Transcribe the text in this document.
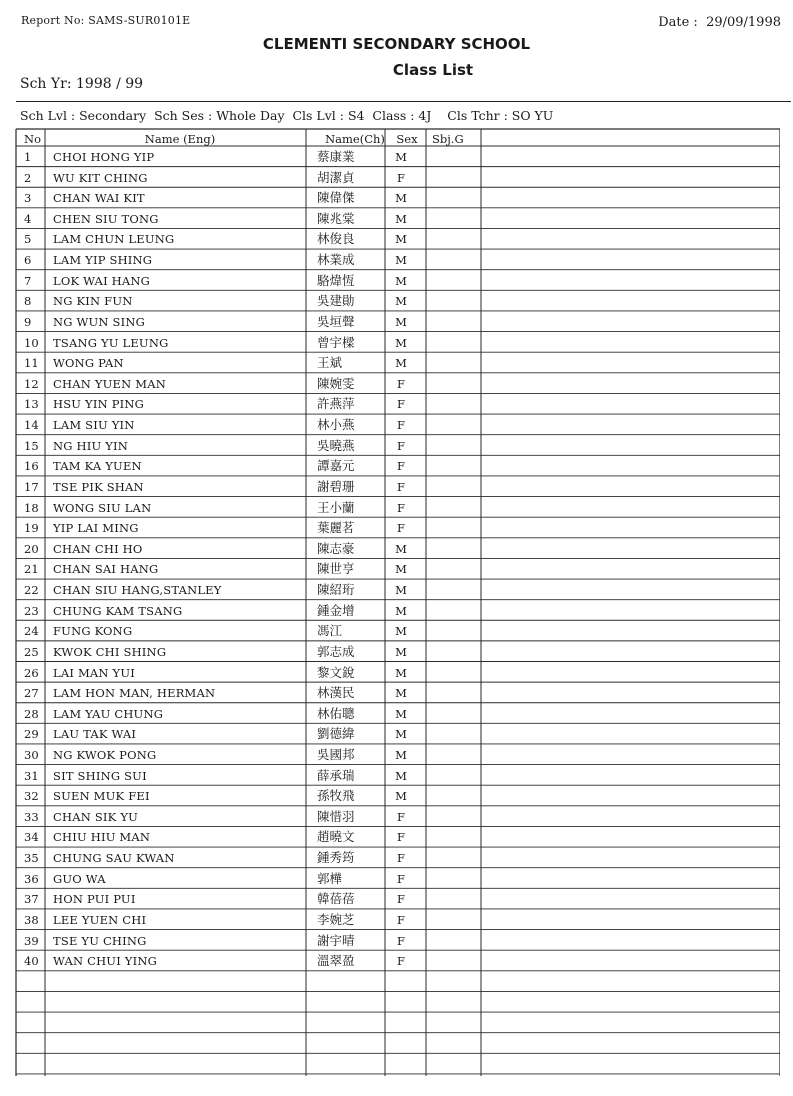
Report No: SAMS-SUR0101E	Date :  29/09/1998
CLEMENTI SECONDARY SCHOOL
Class List
Sch Yr: 1998 / 99
Sch Lvl : Secondary  Sch Ses : Whole Day  Cls Lvl : S4  Class : 4J    Cls Tchr : SO YU
No	Name (Eng)	Name(Ch)	Sex	Sbj.G
1	CHOI HONG YIP	蔡康業	M
2	WU KIT CHING	胡潔貞	F
3	CHAN WAI KIT	陳偉傑	M
4	CHEN SIU TONG	陳兆棠	M
5	LAM CHUN LEUNG	林俊良	M
6	LAM YIP SHING	林業成	M
7	LOK WAI HANG	駱煒恆	M
8	NG KIN FUN	吳建勛	M
9	NG WUN SING	吳垣聲	M
10	TSANG YU LEUNG	曾宇樑	M
11	WONG PAN	王斌	M
12	CHAN YUEN MAN	陳婉雯	F
13	HSU YIN PING	許燕萍	F
14	LAM SIU YIN	林小燕	F
15	NG HIU YIN	吳曉燕	F
16	TAM KA YUEN	譚嘉元	F
17	TSE PIK SHAN	謝碧珊	F
18	WONG SIU LAN	王小蘭	F
19	YIP LAI MING	葉麗茗	F
20	CHAN CHI HO	陳志豪	M
21	CHAN SAI HANG	陳世亨	M
22	CHAN SIU HANG,STANLEY	陳紹珩	M
23	CHUNG KAM TSANG	鍾金增	M
24	FUNG KONG	馮江	M
25	KWOK CHI SHING	郭志成	M
26	LAI MAN YUI	黎文銳	M
27	LAM HON MAN, HERMAN	林漢民	M
28	LAM YAU CHUNG	林佑聰	M
29	LAU TAK WAI	劉德緯	M
30	NG KWOK PONG	吳國邦	M
31	SIT SHING SUI	薛承瑞	M
32	SUEN MUK FEI	孫牧飛	M
33	CHAN SIK YU	陳惜羽	F
34	CHIU HIU MAN	趙曉文	F
35	CHUNG SAU KWAN	鍾秀筠	F
36	GUO WA	郭樺	F
37	HON PUI PUI	韓蓓蓓	F
38	LEE YUEN CHI	李婉芝	F
39	TSE YU CHING	謝宇晴	F
40	WAN CHUI YING	溫翠盈	F
